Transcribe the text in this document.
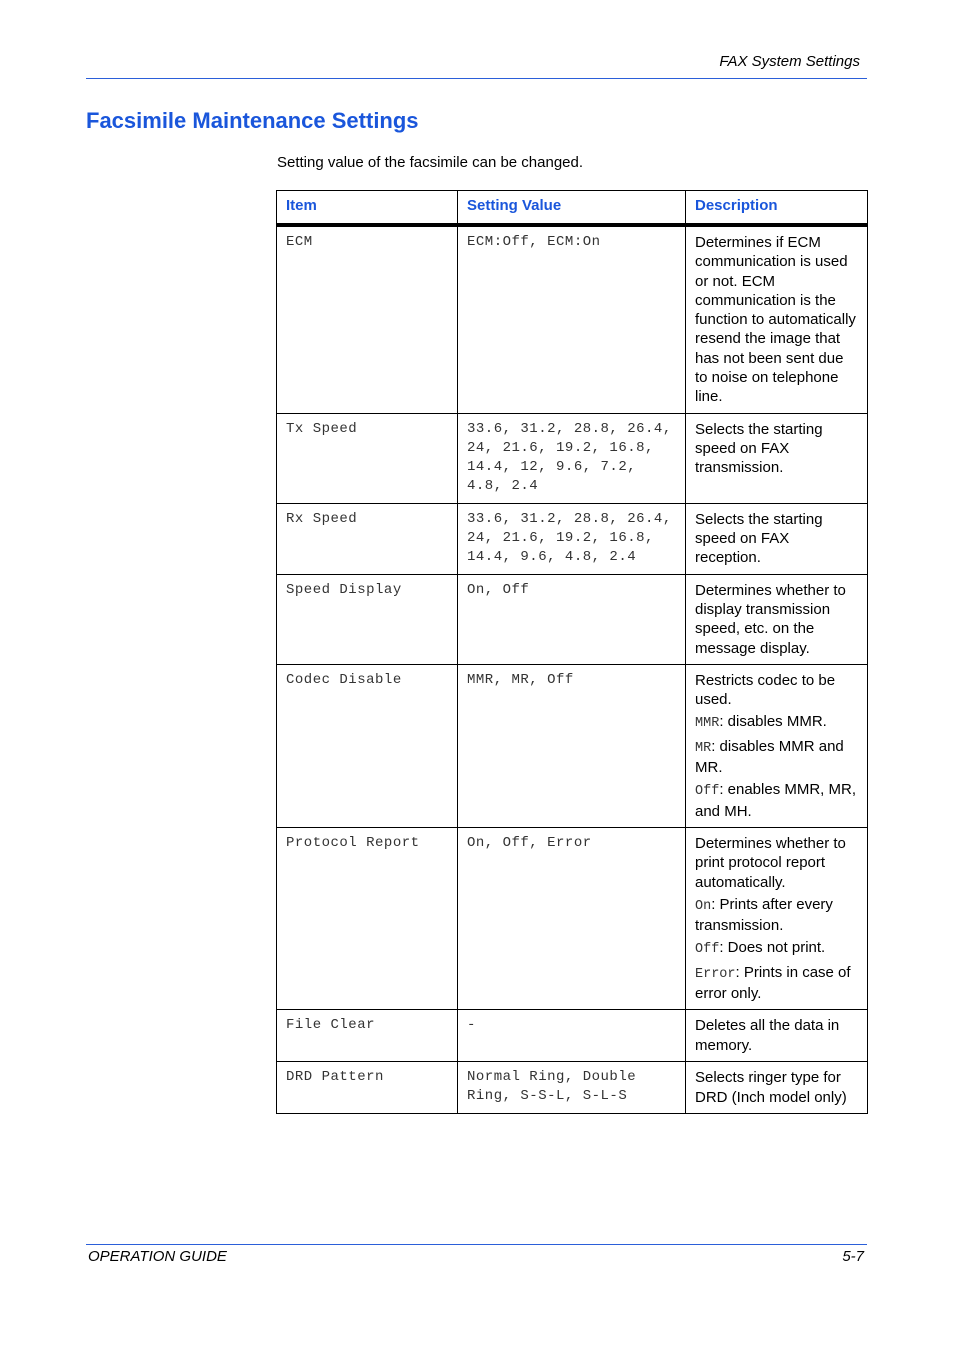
FAX System Settings
Facsimile Maintenance Settings

Setting value of the facsimile can be changed.

Item	Setting Value	Description
ECM	ECM:Off, ECM:On	Determines if ECM communication is used or not. ECM communication is the function to automatically resend the image that has not been sent due to noise on telephone line.

Tx Speed	33.6, 31.2, 28.8, 26.4, 24, 21.6, 19.2, 16.8, 14.4, 12, 9.6, 7.2, 4.8, 2.4	Selects the starting speed on FAX transmission.

Rx Speed	33.6, 31.2, 28.8, 26.4, 24, 21.6, 19.2, 16.8, 14.4, 9.6, 4.8, 2.4	Selects the starting speed on FAX reception.

Speed Display	On, Off	Determines whether to display transmission speed, etc. on the message display.

Codec Disable	MMR, MR, Off	Restricts codec to be used.

MMR: disables MMR.

MR: disables MMR and MR.

Off: enables MMR, MR, and MH.

Protocol Report	On, Off, Error	Determines whether to print protocol report automatically.

On: Prints after every transmission.

Off: Does not print.

Error: Prints in case of error only.

File Clear	-	Deletes all the data in memory.

DRD Pattern	Normal Ring, Double Ring, S-S-L, S-L-S	Selects ringer type for DRD (Inch model only)

OPERATION GUIDE	5-7
